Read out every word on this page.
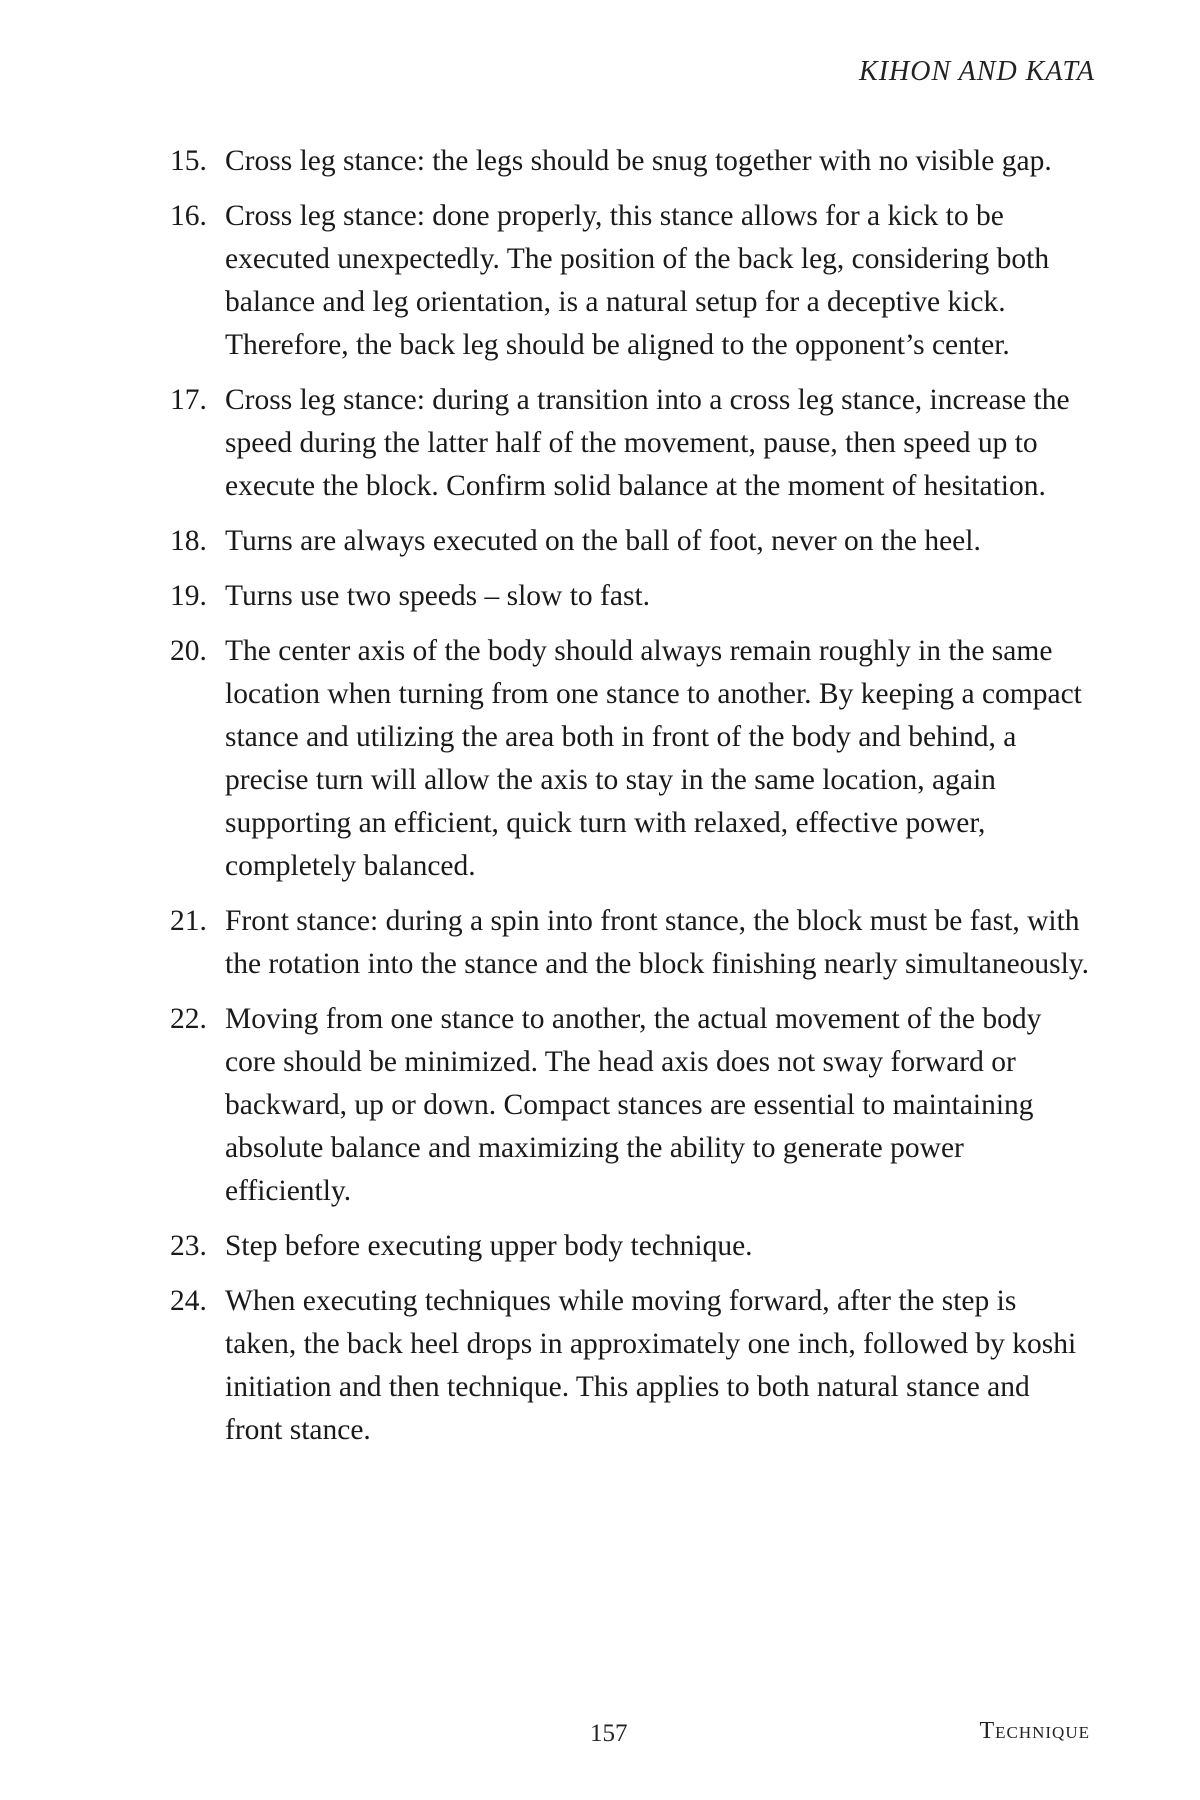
KIHON AND KATA
15. Cross leg stance: the legs should be snug together with no visible gap.
16. Cross leg stance: done properly, this stance allows for a kick to be executed unexpectedly. The position of the back leg, considering both balance and leg orientation, is a natural setup for a deceptive kick. Therefore, the back leg should be aligned to the opponent’s center.
17. Cross leg stance: during a transition into a cross leg stance, increase the speed during the latter half of the movement, pause, then speed up to execute the block. Confirm solid balance at the moment of hesitation.
18. Turns are always executed on the ball of foot, never on the heel.
19. Turns use two speeds – slow to fast.
20. The center axis of the body should always remain roughly in the same location when turning from one stance to another. By keeping a compact stance and utilizing the area both in front of the body and behind, a precise turn will allow the axis to stay in the same location, again supporting an efficient, quick turn with relaxed, effective power, completely balanced.
21. Front stance: during a spin into front stance, the block must be fast, with the rotation into the stance and the block finishing nearly simultaneously.
22. Moving from one stance to another, the actual movement of the body core should be minimized. The head axis does not sway forward or backward, up or down. Compact stances are essential to maintaining absolute balance and maximizing the ability to generate power efficiently.
23. Step before executing upper body technique.
24. When executing techniques while moving forward, after the step is taken, the back heel drops in approximately one inch, followed by koshi initiation and then technique. This applies to both natural stance and front stance.
157	Technique
